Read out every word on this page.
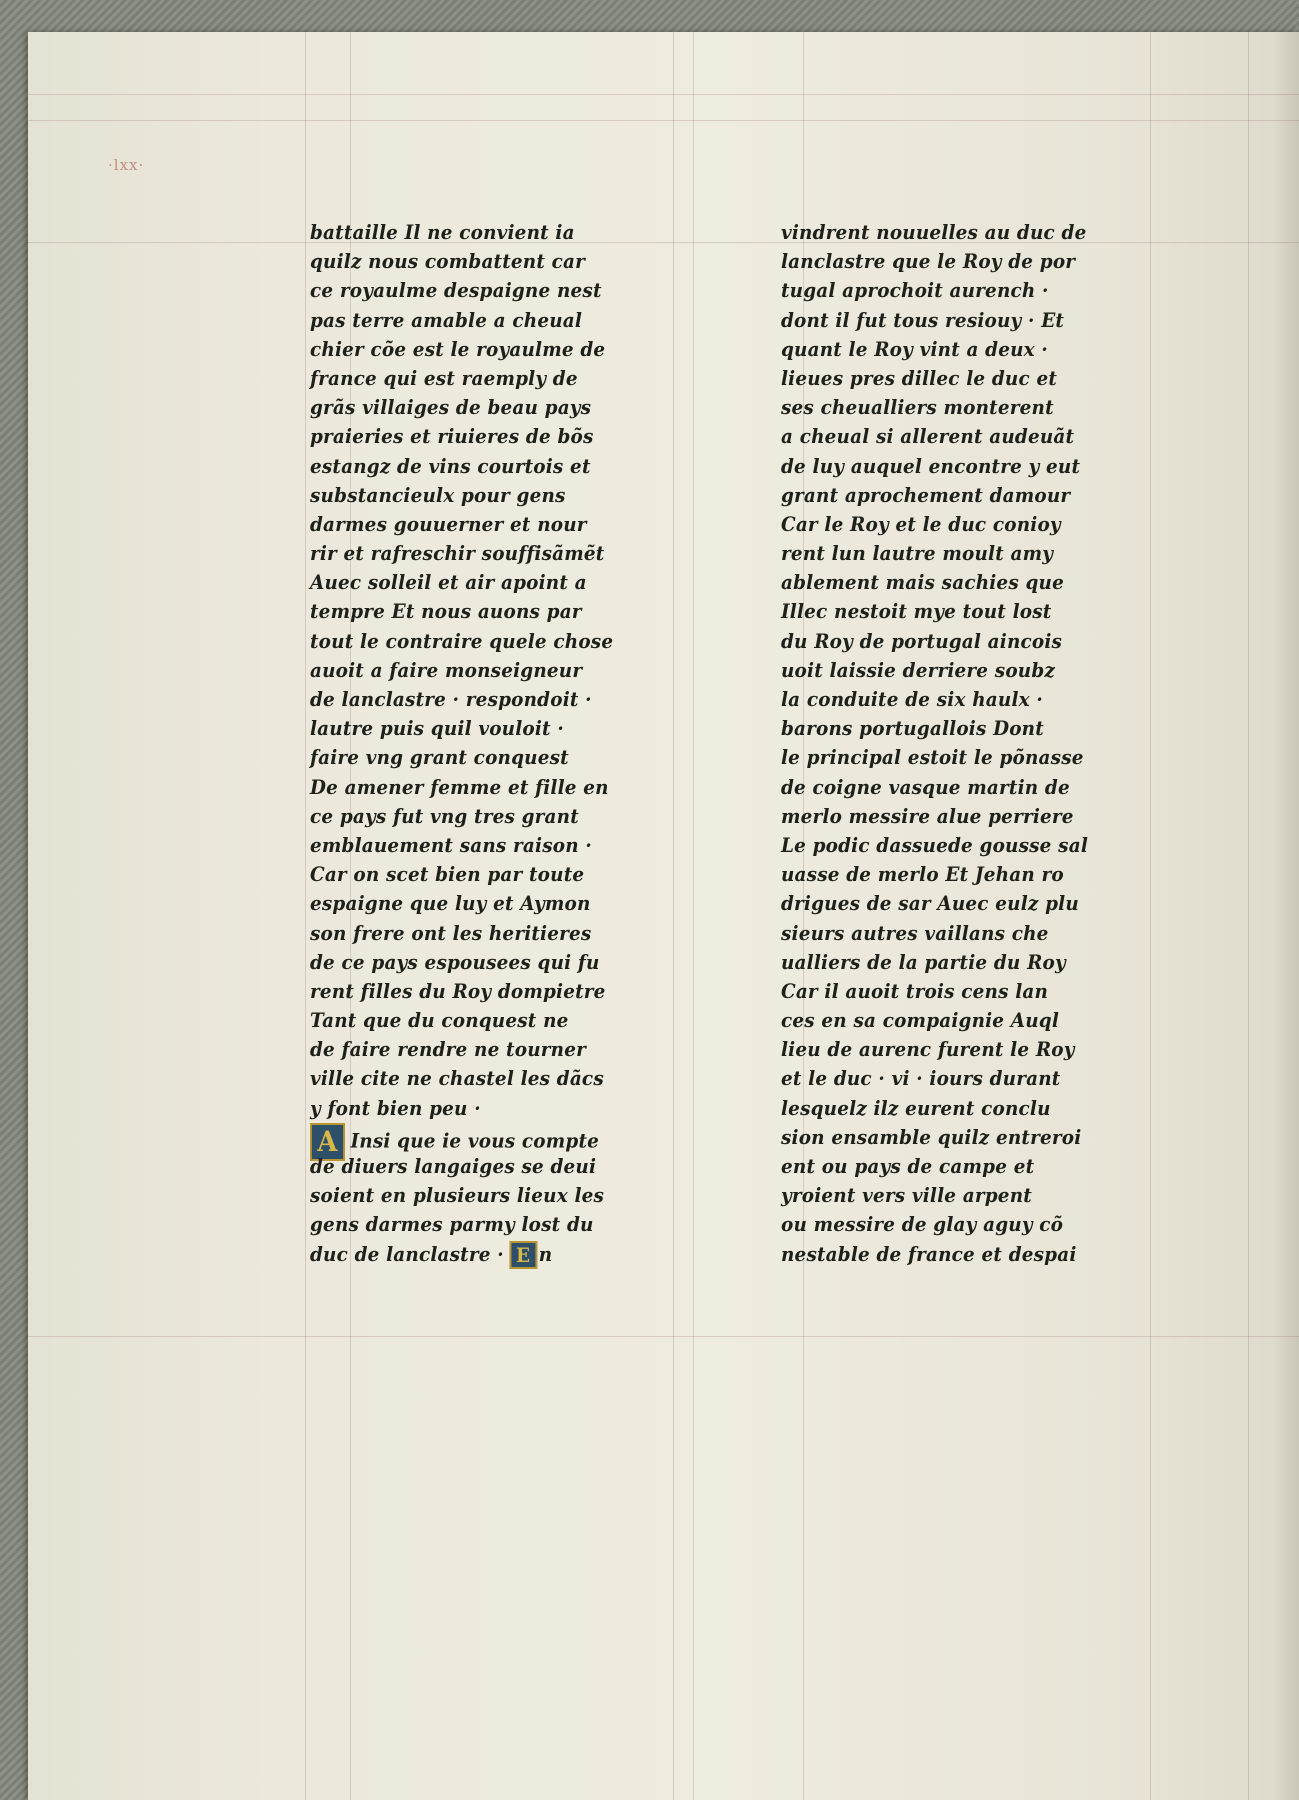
·lxx·
battaille Il ne convient ia
quilz nous combattent car
ce royaulme despaigne nest
pas terre amable a cheual
chier cõe est le royaulme de
france qui est raemply de
grãs villaiges de beau pays
praieries et riuieres de bõs
estangz de vins courtois et
substancieulx pour gens
darmes gouuerner et nour
rir et rafreschir souffisãmẽt
Auec solleil et air apoint a
tempre Et nous auons par
tout le contraire quele chose
auoit a faire monseigneur
de lanclastre · respondoit ·
lautre puis quil vouloit ·
faire vng grant conquest
De amener femme et fille en
ce pays fut vng tres grant
emblauement sans raison ·
Car on scet bien par toute
espaigne que luy et Aymon
son frere ont les heritieres
de ce pays espousees qui fu
rent filles du Roy dompietre
Tant que du conquest ne
de faire rendre ne tourner
ville cite ne chastel les dãcs
y font bien peu ·
A Insi que ie vous compte
de diuers langaiges se deui
soient en plusieurs lieux les
gens darmes parmy lost du
duc de lanclastre · E n
vindrent nouuelles au duc de
lanclastre que le Roy de por
tugal aprochoit aurench ·
dont il fut tous resiouy · Et
quant le Roy vint a deux ·
lieues pres dillec le duc et
ses cheualliers monterent
a cheual si allerent audeuãt
de luy auquel encontre y eut
grant aprochement damour
Car le Roy et le duc conioy
rent lun lautre moult amy
ablement mais sachies que
Illec nestoit mye tout lost
du Roy de portugal aincois
uoit laissie derriere soubz
la conduite de six haulx ·
barons portugallois Dont
le principal estoit le põnasse
de coigne vasque martin de
merlo messire alue perriere
Le podic dassuede gousse sal
uasse de merlo Et Jehan ro
drigues de sar Auec eulz plu
sieurs autres vaillans che
ualliers de la partie du Roy
Car il auoit trois cens lan
ces en sa compaignie Auql
lieu de aurenc furent le Roy
et le duc · vi · iours durant
lesquelz ilz eurent conclu
sion ensamble quilz entreroi
ent ou pays de campe et
yroient vers ville arpent
ou messire de glay aguy cõ
nestable de france et despai
